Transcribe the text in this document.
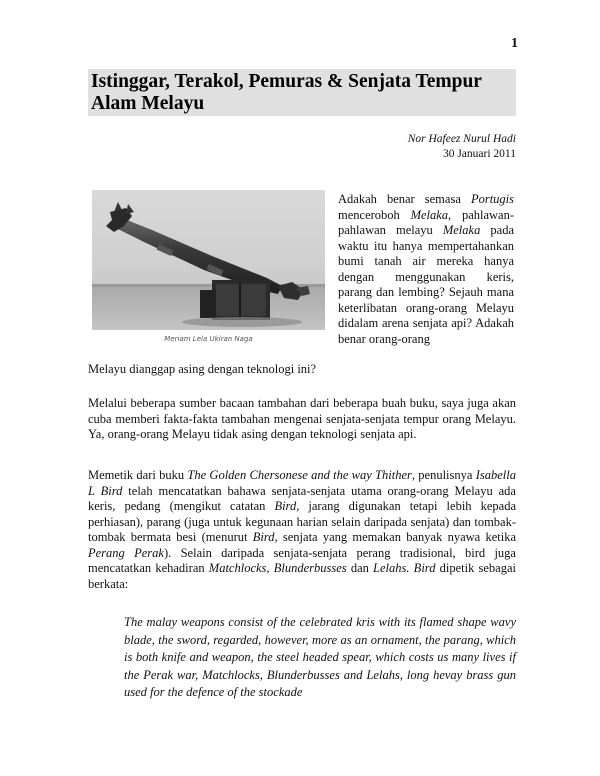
1
Istinggar, Terakol, Pemuras & Senjata Tempur Alam Melayu
Nor Hafeez Nurul Hadi
30 Januari 2011
Meriam Lela Ukiran Naga
Adakah benar semasa Portugis menceroboh Melaka, pahlawan-pahlawan melayu Melaka pada waktu itu hanya mempertahankan bumi tanah air mereka hanya dengan menggunakan keris, parang dan lembing? Sejauh mana keterlibatan orang-orang Melayu didalam arena senjata api? Adakah benar orang-orang

Melayu dianggap asing dengan teknologi ini?

Melalui beberapa sumber bacaan tambahan dari beberapa buah buku, saya juga akan cuba memberi fakta-fakta tambahan mengenai senjata-senjata tempur orang Melayu. Ya, orang-orang Melayu tidak asing dengan teknologi senjata api.

Memetik dari buku The Golden Chersonese and the way Thither, penulisnya Isabella L Bird telah mencatatkan bahawa senjata-senjata utama orang-orang Melayu ada keris, pedang (mengikut catatan Bird, jarang digunakan tetapi lebih kepada perhiasan), parang (juga untuk kegunaan harian selain daripada senjata) dan tombak-tombak bermata besi (menurut Bird, senjata yang memakan banyak nyawa ketika Perang Perak). Selain daripada senjata-senjata perang tradisional, bird juga mencatatkan kehadiran Matchlocks, Blunderbusses dan Lelahs. Bird dipetik sebagai berkata:

The malay weapons consist of the celebrated kris with its flamed shape wavy blade, the sword, regarded, however, more as an ornament, the parang, which is both knife and weapon, the steel headed spear, which costs us many lives if the Perak war, Matchlocks, Blunderbusses and Lelahs, long hevay brass gun used for the defence of the stockade
